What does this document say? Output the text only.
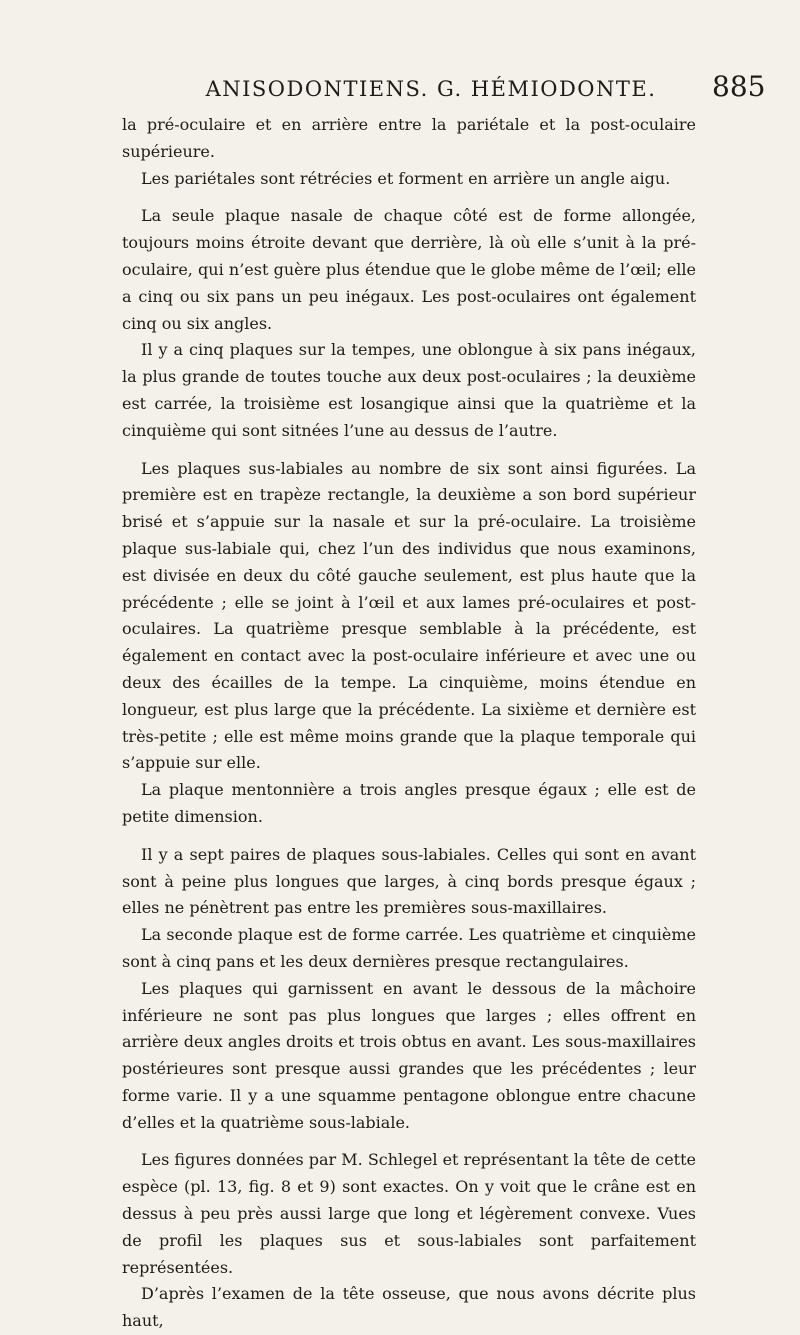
ANISODONTIENS. G. HÉMIODONTE.	885

la pré-oculaire et en arrière entre la pariétale et la post-oculaire supérieure.

Les pariétales sont rétrécies et forment en arrière un angle aigu.

La seule plaque nasale de chaque côté est de forme allongée, toujours moins étroite devant que derrière, là où elle s’unit à la pré-oculaire, qui n’est guère plus étendue que le globe même de l’œil; elle a cinq ou six pans un peu inégaux. Les post-oculaires ont également cinq ou six angles.

Il y a cinq plaques sur la tempes, une oblongue à six pans inégaux, la plus grande de toutes touche aux deux post-oculaires ; la deuxième est carrée, la troisième est losangique ainsi que la quatrième et la cinquième qui sont sitnées l’une au dessus de l’autre.

Les plaques sus-labiales au nombre de six sont ainsi figurées. La première est en trapèze rectangle, la deuxième a son bord supérieur brisé et s’appuie sur la nasale et sur la pré-oculaire. La troisième plaque sus-labiale qui, chez l’un des individus que nous examinons, est divisée en deux du côté gauche seulement, est plus haute que la précédente ; elle se joint à l’œil et aux lames pré-oculaires et post-oculaires. La quatrième presque semblable à la précédente, est également en contact avec la post-oculaire inférieure et avec une ou deux des écailles de la tempe. La cinquième, moins étendue en longueur, est plus large que la précédente. La sixième et dernière est très-petite ; elle est même moins grande que la plaque temporale qui s’appuie sur elle.

La plaque mentonnière a trois angles presque égaux ; elle est de petite dimension.

Il y a sept paires de plaques sous-labiales. Celles qui sont en avant sont à peine plus longues que larges, à cinq bords presque égaux ; elles ne pénètrent pas entre les premières sous-maxillaires.

La seconde plaque est de forme carrée. Les quatrième et cinquième sont à cinq pans et les deux dernières presque rectangulaires.

Les plaques qui garnissent en avant le dessous de la mâchoire inférieure ne sont pas plus longues que larges ; elles offrent en arrière deux angles droits et trois obtus en avant. Les sous-maxillaires postérieures sont presque aussi grandes que les précédentes ; leur forme varie. Il y a une squamme pentagone oblongue entre chacune d’elles et la quatrième sous-labiale.

Les figures données par M. Schlegel et représentant la tête de cette espèce (pl. 13, fig. 8 et 9) sont exactes. On y voit que le crâne est en dessus à peu près aussi large que long et légèrement convexe. Vues de profil les plaques sus et sous-labiales sont parfaitement représentées.

D’après l’examen de la tête osseuse, que nous avons décrite plus haut,
